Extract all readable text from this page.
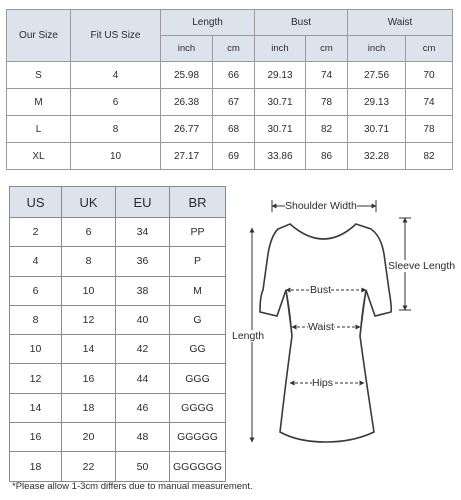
Our Size	Fit US Size	Length		Bust		Waist	
		inch	cm	inch	cm	inch	cm
S	4	25.98	66	29.13	74	27.56	70
M	6	26.38	67	30.71	78	29.13	74
L	8	26.77	68	30.71	82	30.71	78
XL	10	27.17	69	33.86	86	32.28	82
US	UK	EU	BR
2	6	34	PP
4	8	36	P
6	10	38	M
8	12	40	G
10	14	42	GG
12	16	44	GGG
14	18	46	GGGG
16	20	48	GGGGG
18	22	50	GGGGGG
Shoulder Width
Sleeve Length
Length
Bust
Waist
Hips
*Please allow 1-3cm differs due to manual measurement.
